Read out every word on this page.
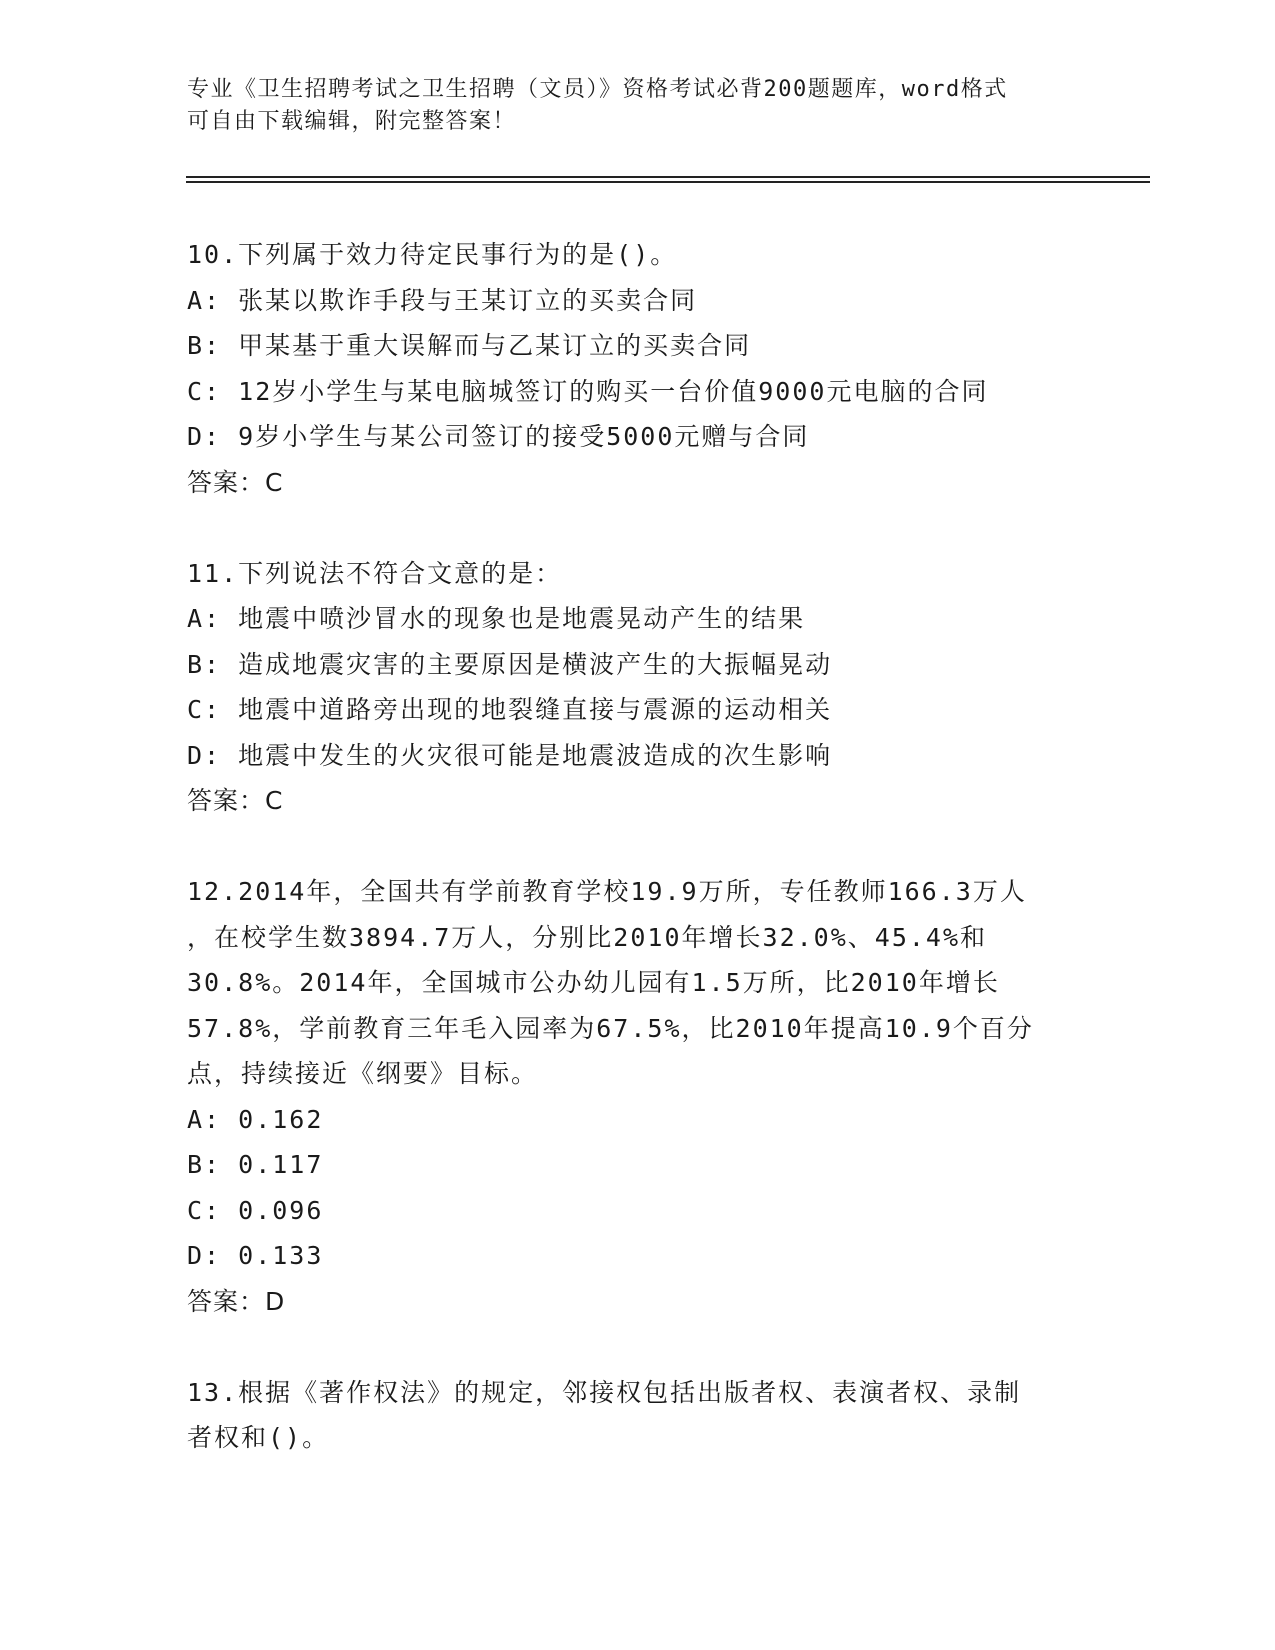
专业《卫生招聘考试之卫生招聘（文员）》资格考试必背200题题库，word格式
可自由下载编辑，附完整答案！
10.下列属于效力待定民事行为的是()。
A: 张某以欺诈手段与王某订立的买卖合同
B: 甲某基于重大误解而与乙某订立的买卖合同
C: 12岁小学生与某电脑城签订的购买一台价值9000元电脑的合同
D: 9岁小学生与某公司签订的接受5000元赠与合同
答案：C
11.下列说法不符合文意的是：
A: 地震中喷沙冒水的现象也是地震晃动产生的结果
B: 造成地震灾害的主要原因是横波产生的大振幅晃动
C: 地震中道路旁出现的地裂缝直接与震源的运动相关
D: 地震中发生的火灾很可能是地震波造成的次生影响
答案：C
12.2014年，全国共有学前教育学校19.9万所，专任教师166.3万人
，在校学生数3894.7万人，分别比2010年增长32.0%、45.4%和
30.8%。2014年，全国城市公办幼儿园有1.5万所，比2010年增长
57.8%，学前教育三年毛入园率为67.5%，比2010年提高10.9个百分
点，持续接近《纲要》目标。
A: 0.162
B: 0.117
C: 0.096
D: 0.133
答案：D
13.根据《著作权法》的规定，邻接权包括出版者权、表演者权、录制
者权和()。
